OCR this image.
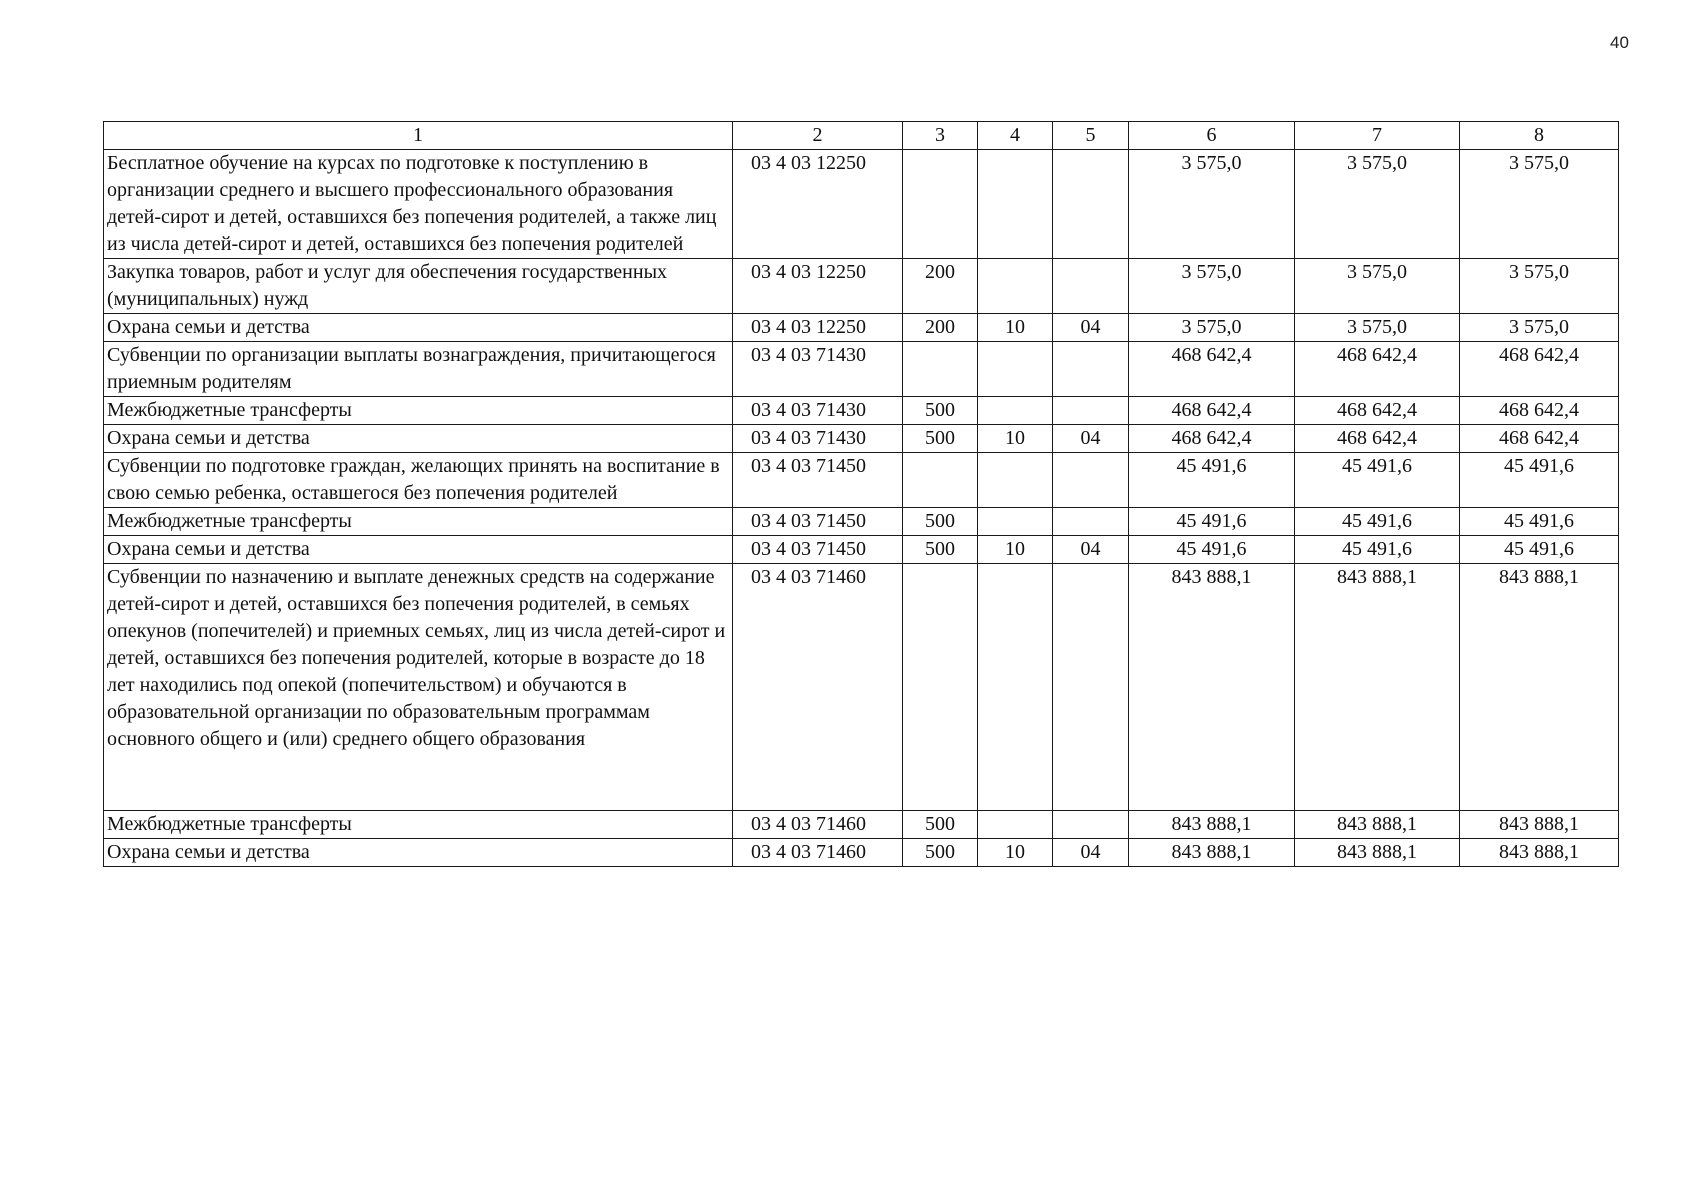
40
1	2	3	4	5	6	7	8
Бесплатное обучение на курсах по подготовке к поступлению в организации среднего и высшего профессионального образования детей-сирот и детей, оставшихся без попечения родителей, а также лиц из числа детей-сирот и детей, оставшихся без попечения родителей	03 4 03 12250				3 575,0	3 575,0	3 575,0
Закупка товаров, работ и услуг для обеспечения государственных (муниципальных) нужд	03 4 03 12250	200			3 575,0	3 575,0	3 575,0
Охрана семьи и детства	03 4 03 12250	200	10	04	3 575,0	3 575,0	3 575,0
Субвенции по организации выплаты вознаграждения, причитающегося приемным родителям	03 4 03 71430				468 642,4	468 642,4	468 642,4
Межбюджетные трансферты	03 4 03 71430	500			468 642,4	468 642,4	468 642,4
Охрана семьи и детства	03 4 03 71430	500	10	04	468 642,4	468 642,4	468 642,4
Субвенции по подготовке граждан, желающих принять на воспитание в свою семью ребенка, оставшегося без попечения родителей	03 4 03 71450				45 491,6	45 491,6	45 491,6
Межбюджетные трансферты	03 4 03 71450	500			45 491,6	45 491,6	45 491,6
Охрана семьи и детства	03 4 03 71450	500	10	04	45 491,6	45 491,6	45 491,6
Субвенции по назначению и выплате денежных средств на содержание детей-сирот и детей, оставшихся без попечения родителей, в семьях опекунов (попечителей) и приемных семьях, лиц из числа детей-сирот и детей, оставшихся без попечения родителей, которые в возрасте до 18 лет находились под опекой (попечительством) и обучаются в образовательной организации по образовательным программам основного общего и (или) среднего общего образования	03 4 03 71460				843 888,1	843 888,1	843 888,1
Межбюджетные трансферты	03 4 03 71460	500			843 888,1	843 888,1	843 888,1
Охрана семьи и детства	03 4 03 71460	500	10	04	843 888,1	843 888,1	843 888,1
